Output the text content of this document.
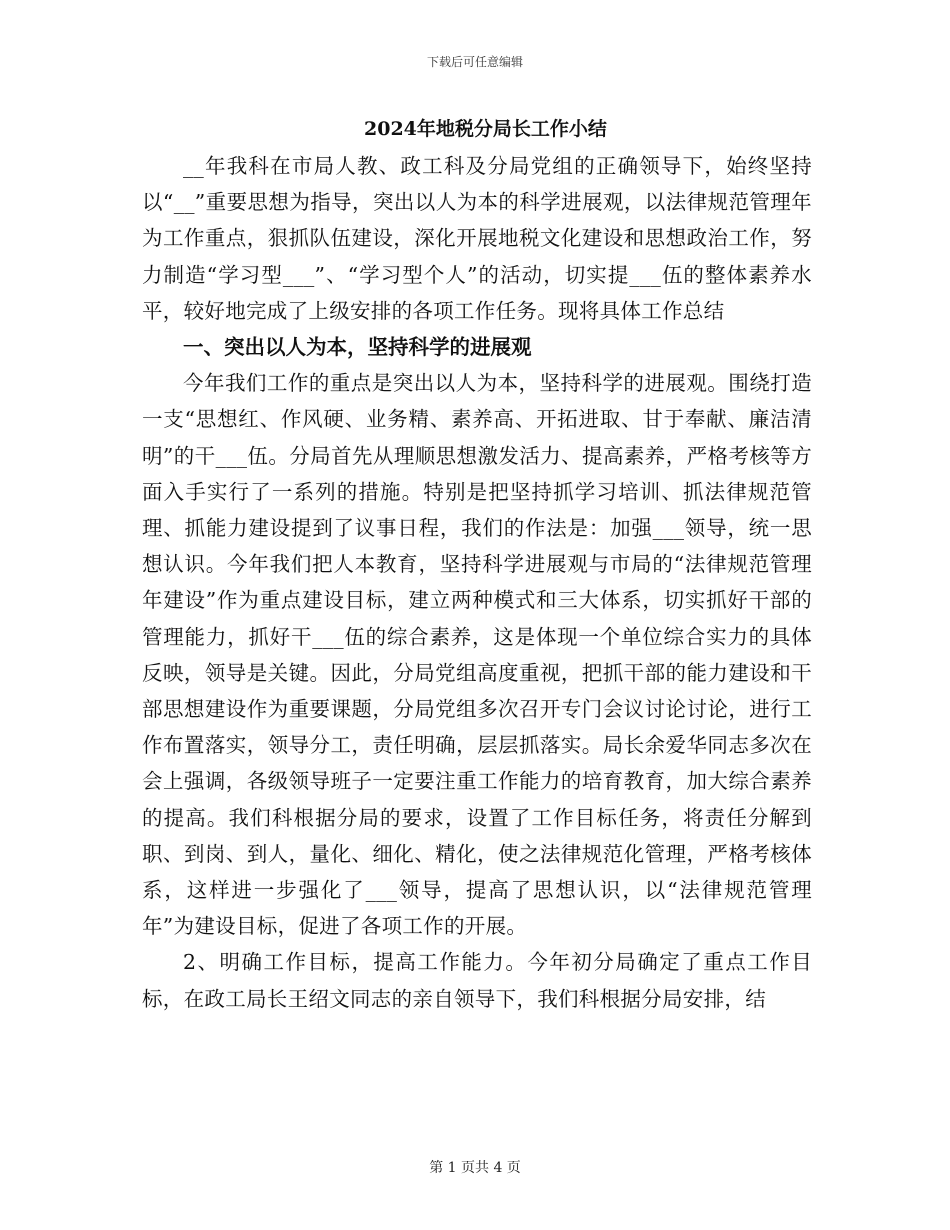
下载后可任意编辑
2024年地税分局长工作小结

__年我科在市局人教、政工科及分局党组的正确领导下，始终坚持以“__”重要思想为指导，突出以人为本的科学进展观，以法律规范管理年为工作重点，狠抓队伍建设，深化开展地税文化建设和思想政治工作，努力制造“学习型___”、“学习型个人”的活动，切实提___伍的整体素养水平，较好地完成了上级安排的各项工作任务。现将具体工作总结

一、突出以人为本，坚持科学的进展观

今年我们工作的重点是突出以人为本，坚持科学的进展观。围绕打造一支“思想红、作风硬、业务精、素养高、开拓进取、甘于奉献、廉洁清明”的干___伍。分局首先从理顺思想激发活力、提高素养，严格考核等方面入手实行了一系列的措施。特别是把坚持抓学习培训、抓法律规范管理、抓能力建设提到了议事日程，我们的作法是：加强___领导，统一思想认识。今年我们把人本教育，坚持科学进展观与市局的“法律规范管理年建设”作为重点建设目标，建立两种模式和三大体系，切实抓好干部的管理能力，抓好干___伍的综合素养，这是体现一个单位综合实力的具体反映，领导是关键。因此，分局党组高度重视，把抓干部的能力建设和干部思想建设作为重要课题，分局党组多次召开专门会议讨论讨论，进行工作布置落实，领导分工，责任明确，层层抓落实。局长余爱华同志多次在会上强调，各级领导班子一定要注重工作能力的培育教育，加大综合素养的提高。我们科根据分局的要求，设置了工作目标任务，将责任分解到职、到岗、到人，量化、细化、精化，使之法律规范化管理，严格考核体系，这样进一步强化了___领导，提高了思想认识，以“法律规范管理年”为建设目标，促进了各项工作的开展。

2、明确工作目标，提高工作能力。今年初分局确定了重点工作目标，在政工局长王绍文同志的亲自领导下，我们科根据分局安排，结

第 1 页共 4 页
